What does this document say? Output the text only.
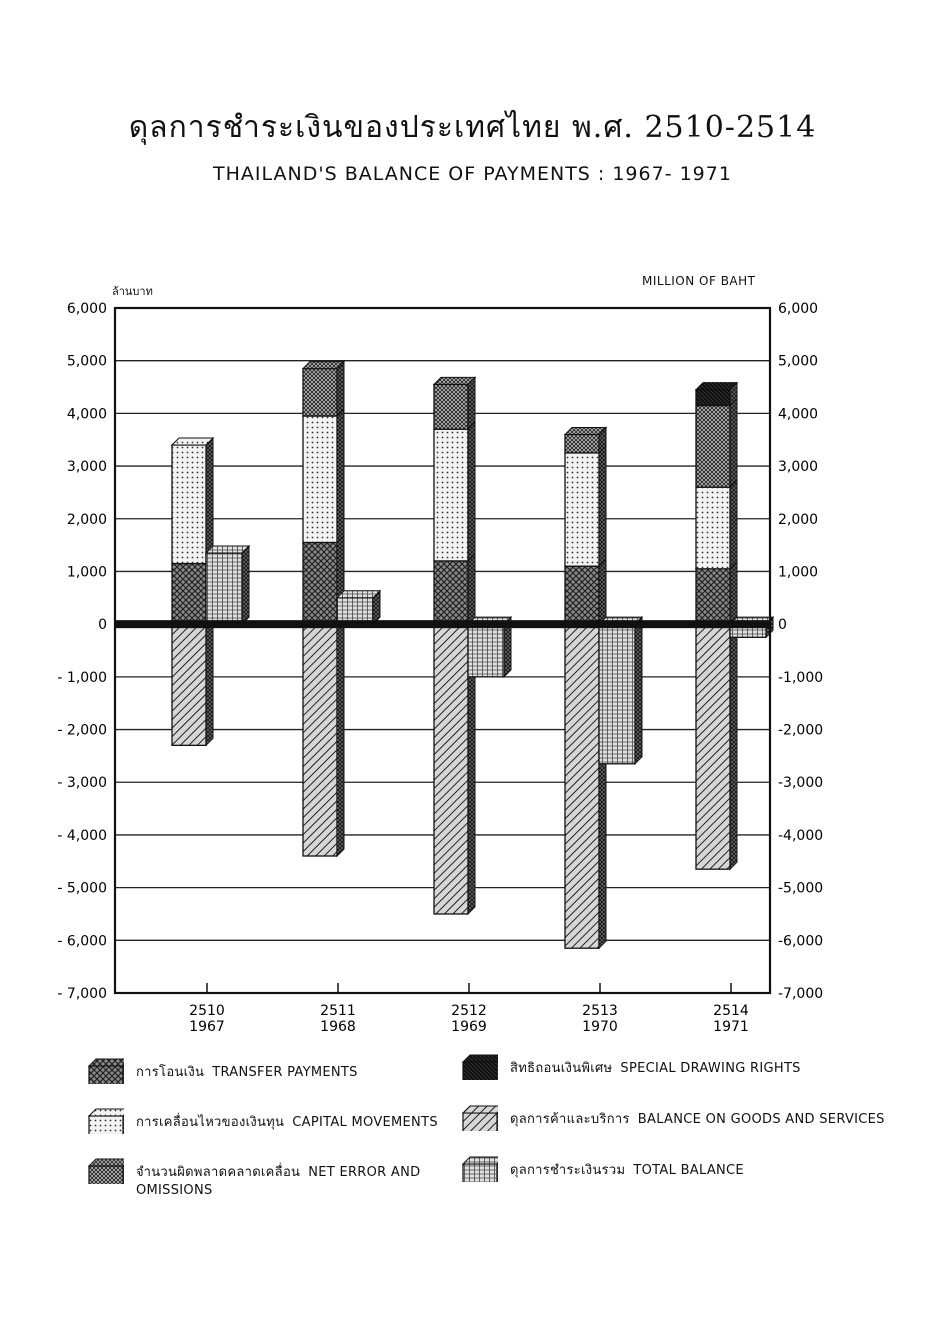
ดุลการชำระเงินของประเทศไทย พ.ศ. 2510-2514
THAILAND'S BALANCE OF PAYMENTS : 1967- 1971
ล้านบาท
MILLION OF BAHT
6,000	6,000
5,000	5,000
4,000	4,000
3,000	3,000
2,000	2,000
1,000	1,000
0	0
- 1,000	-1,000
- 2,000	-2,000
- 3,000	-3,000
- 4,000	-4,000
- 5,000	-5,000
- 6,000	-6,000
- 7,000	-7,000
2510
1967
2511
1968
2512
1969
2513
1970
2514
1971
การโอนเงิน TRANSFER PAYMENTS
การเคลื่อนไหวของเงินทุน CAPITAL MOVEMENTS
จำนวนผิดพลาดคลาดเคลื่อน NET ERROR AND OMISSIONS
สิทธิถอนเงินพิเศษ SPECIAL DRAWING RIGHTS
ดุลการค้าและบริการ BALANCE ON GOODS AND SERVICES
ดุลการชำระเงินรวม TOTAL BALANCE
